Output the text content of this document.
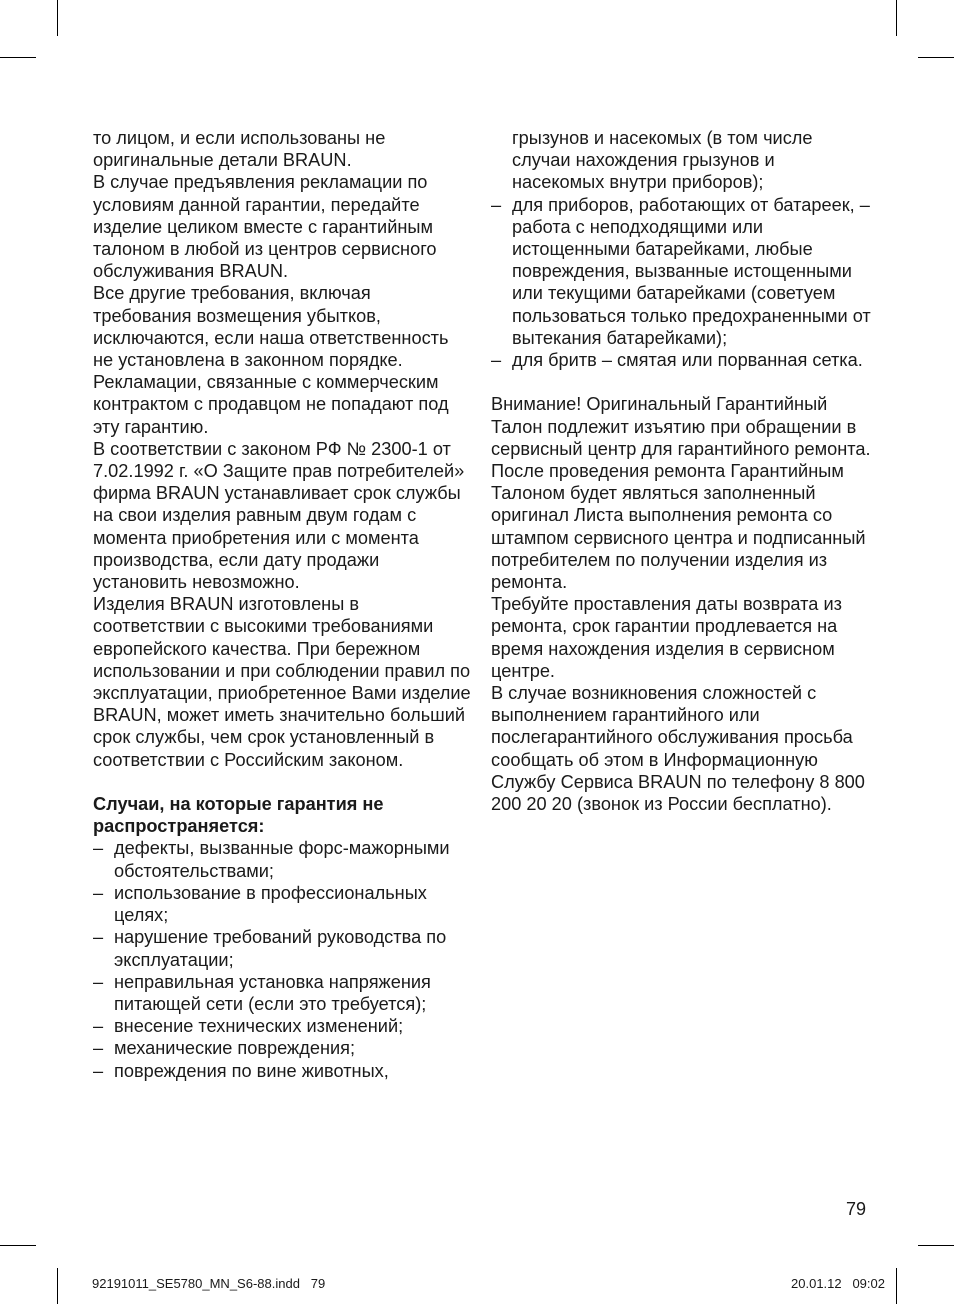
то лицом, и если использованы не оригинальные детали BRAUN.

В случае предъявления рекламации по условиям данной гарантии, передайте изделие целиком вместе с гарантийным талоном в любой из центров сервисного обслуживания BRAUN.

Все другие требования, включая требования возмещения убытков, исключаются, если наша ответственность не установлена в законном порядке.

Рекламации, связанные с коммерческим контрактом с продавцом не попадают под эту гарантию.

В соответствии с законом РФ № 2300-1 от 7.02.1992 г. «О Защите прав потребителей» фирма BRAUN устанавливает срок службы на свои изделия равным двум годам с момента приобретения или с момента производства, если дату продажи установить невозможно.

Изделия BRAUN изготовлены в соответствии с высокими требованиями европейского качества. При бережном использовании и при соблюдении правил по эксплуатации, приобретенное Вами изделие BRAUN, может иметь значительно больший срок службы, чем срок установленный в соответствии с Российским законом.

Случаи, на которые гарантия не распространяется:

– дефекты, вызванные форс-мажорными обстоятельствами;
– использование в профессиональных целях;
– нарушение требований руководства по эксплуатации;
– неправильная установка напряжения питающей сети (если это требуется);
– внесение технических изменений;
– механические повреждения;
– повреждения по вине животных,

грызунов и насекомых (в том числе случаи нахождения грызунов и насекомых внутри приборов);

– для приборов, работающих от батареек, – работа с неподходящими или истощенными батарейками, любые повреждения, вызванные истощенными или текущими батарейками (советуем пользоваться только предохраненными от вытекания батарейками);
– для бритв – смятая или порванная сетка.

Внимание! Оригинальный Гарантийный Талон подлежит изъятию при обращении в сервисный центр для гарантийного ремонта. После проведения ремонта Гарантийным Талоном будет являться заполненный оригинал Листа выполнения ремонта со штампом сервисного центра и подписанный потребителем по получении изделия из ремонта.

Требуйте проставления даты возврата из ремонта, срок гарантии продлевается на время нахождения изделия в сервисном центре.

В случае возникновения сложностей с выполнением гарантийного или послегарантийного обслуживания просьба сообщать об этом в Информационную Службу Сервиса BRAUN по телефону 8 800 200 20 20 (звонок из России бесплатно).

79
92191011_SE5780_MN_S6-88.indd   79	20.01.12   09:02
